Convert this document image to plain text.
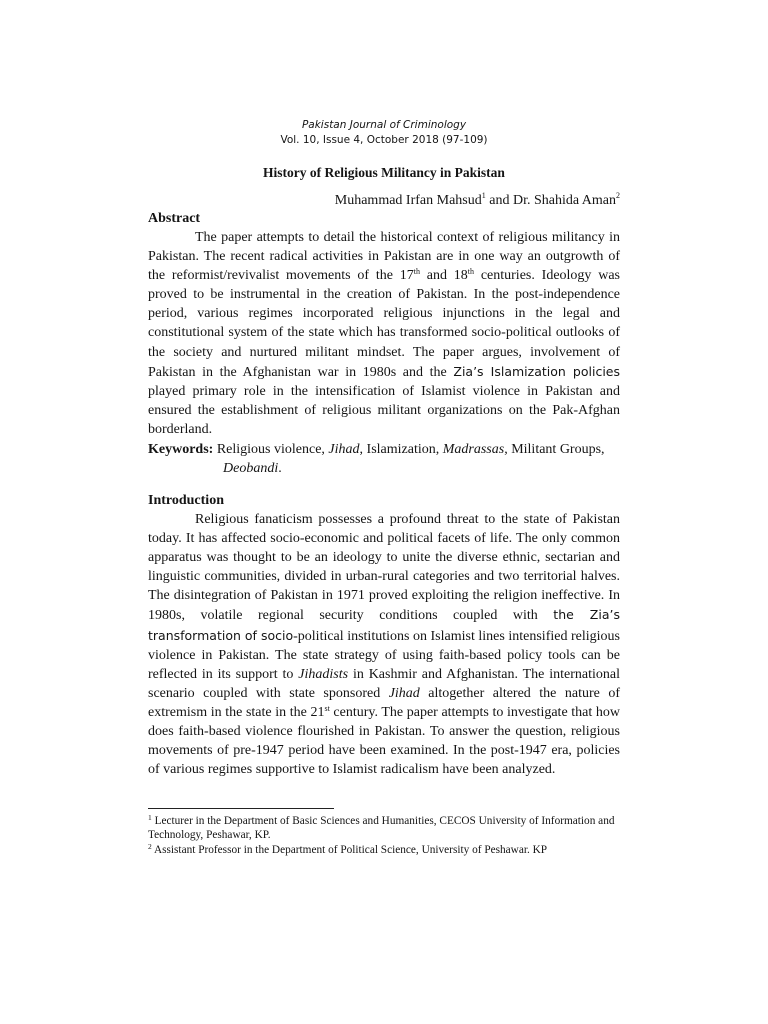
Pakistan Journal of Criminology
Vol. 10, Issue 4, October 2018 (97-109)
History of Religious Militancy in Pakistan
Muhammad Irfan Mahsud$^1$ and Dr. Shahida Aman$^2$
Abstract

The paper attempts to detail the historical context of religious militancy in Pakistan. The recent radical activities in Pakistan are in one way an outgrowth of the reformist/revivalist movements of the 17th and 18th centuries. Ideology was proved to be instrumental in the creation of Pakistan. In the post-independence period, various regimes incorporated religious injunctions in the legal and constitutional system of the state which has transformed socio-political outlooks of the society and nurtured militant mindset. The paper argues, involvement of Pakistan in the Afghanistan war in 1980s and the Zia’s Islamization policies played primary role in the intensification of Islamist violence in Pakistan and ensured the establishment of religious militant organizations on the Pak-Afghan borderland.

Keywords: Religious violence, Jihad, Islamization, Madrassas, Militant Groups,
Deobandi.
Introduction

Religious fanaticism possesses a profound threat to the state of Pakistan today. It has affected socio-economic and political facets of life. The only common apparatus was thought to be an ideology to unite the diverse ethnic, sectarian and linguistic communities, divided in urban-rural categories and two territorial halves. The disintegration of Pakistan in 1971 proved exploiting the religion ineffective. In 1980s, volatile regional security conditions coupled with the Zia’s transformation of socio-political institutions on Islamist lines intensified religious violence in Pakistan. The state strategy of using faith-based policy tools can be reflected in its support to Jihadists in Kashmir and Afghanistan. The international scenario coupled with state sponsored Jihad altogether altered the nature of extremism in the state in the 21st century. The paper attempts to investigate that how does faith-based violence flourished in Pakistan. To answer the question, religious movements of pre-1947 period have been examined. In the post-1947 era, policies of various regimes supportive to Islamist radicalism have been analyzed.

$^1$ Lecturer in the Department of Basic Sciences and Humanities, CECOS University of Information and Technology, Peshawar, KP.
$^2$ Assistant Professor in the Department of Political Science, University of Peshawar. KP
